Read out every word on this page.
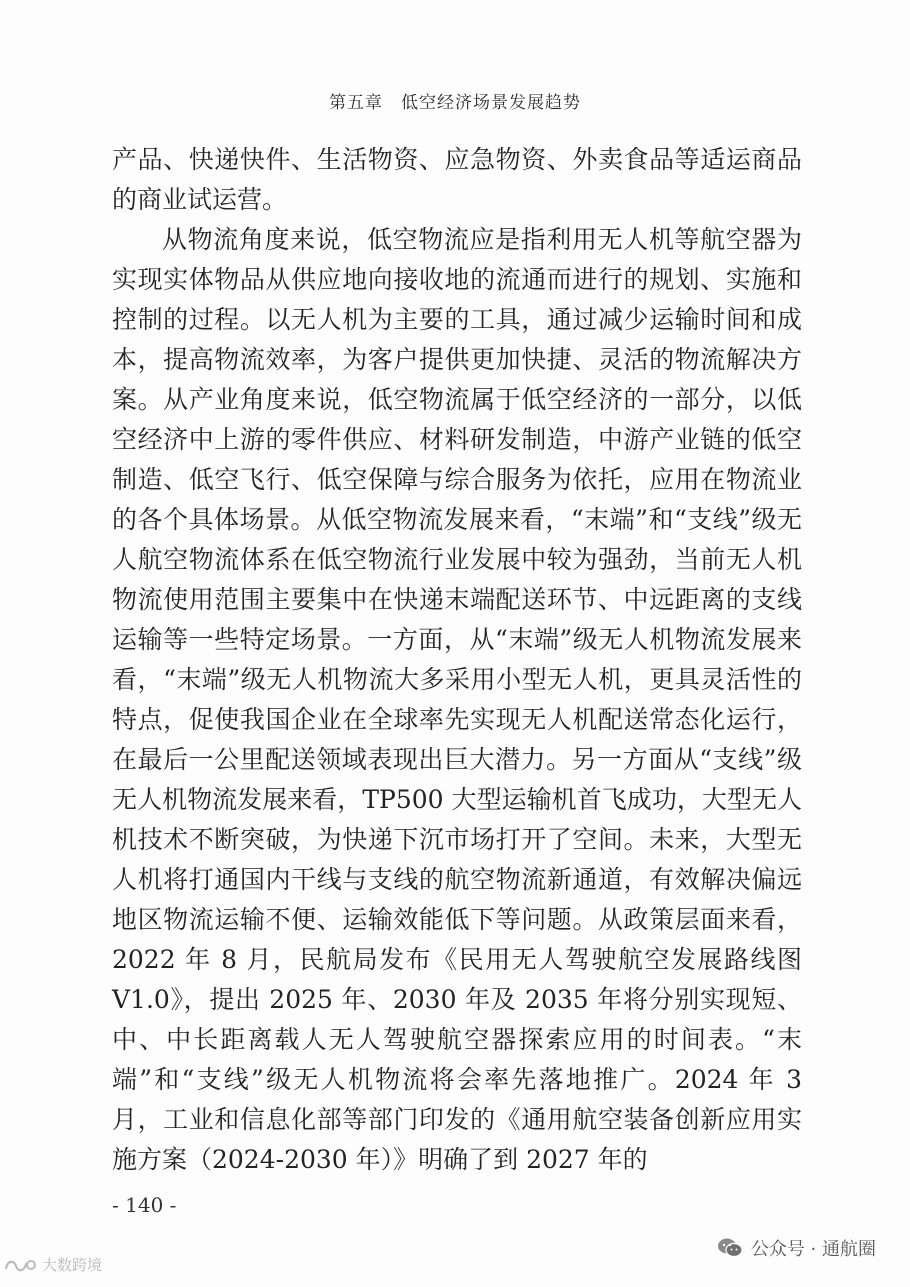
第五章　低空经济场景发展趋势

产品、快递快件、生活物资、应急物资、外卖食品等适运商品的商业试运营。

从物流角度来说，低空物流应是指利用无人机等航空器为实现实体物品从供应地向接收地的流通而进行的规划、实施和控制的过程。以无人机为主要的工具，通过减少运输时间和成本，提高物流效率，为客户提供更加快捷、灵活的物流解决方案。从产业角度来说，低空物流属于低空经济的一部分，以低空经济中上游的零件供应、材料研发制造，中游产业链的低空制造、低空飞行、低空保障与综合服务为依托，应用在物流业的各个具体场景。从低空物流发展来看，“末端”和“支线”级无人航空物流体系在低空物流行业发展中较为强劲，当前无人机物流使用范围主要集中在快递末端配送环节、中远距离的支线运输等一些特定场景。一方面，从“末端”级无人机物流发展来看，“末端”级无人机物流大多采用小型无人机，更具灵活性的特点，促使我国企业在全球率先实现无人机配送常态化运行，在最后一公里配送领域表现出巨大潜力。另一方面从“支线”级无人机物流发展来看，TP500 大型运输机首飞成功，大型无人机技术不断突破，为快递下沉市场打开了空间。未来，大型无人机将打通国内干线与支线的航空物流新通道，有效解决偏远地区物流运输不便、运输效能低下等问题。从政策层面来看，2022 年 8 月，民航局发布《民用无人驾驶航空发展路线图 V1.0》，提出 2025 年、2030 年及 2035 年将分别实现短、中、中长距离载人无人驾驶航空器探索应用的时间表。“末端”和“支线”级无人机物流将会率先落地推广。2024 年 3 月，工业和信息化部等部门印发的《通用航空装备创新应用实施方案（2024-2030 年）》明确了到 2027 年的

- 140 -
大数跨境
公众号 · 通航圈
